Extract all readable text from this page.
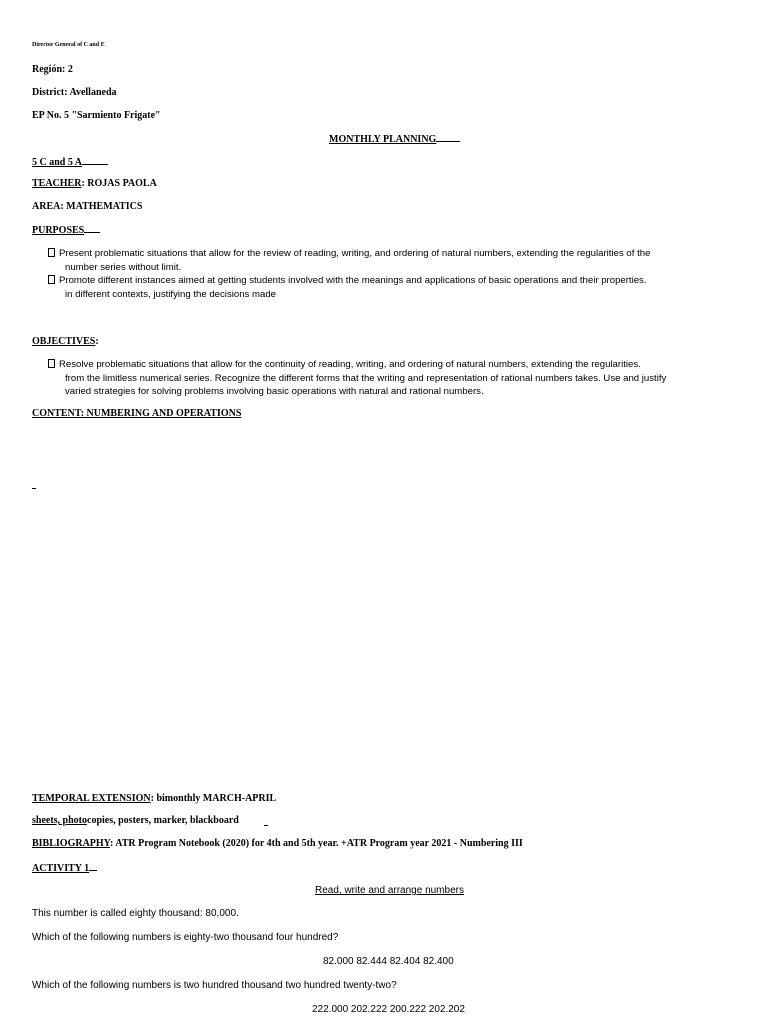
Director General of C and E
Región: 2
District: Avellaneda
EP No. 5 "Sarmiento Frigate"
MONTHLY PLANNING
5 C and 5 A
TEACHER: ROJAS PAOLA
AREA: MATHEMATICS
PURPOSES
Present problematic situations that allow for the review of reading, writing, and ordering of natural numbers, extending the regularities of the
number series without limit.
Promote different instances aimed at getting students involved with the meanings and applications of basic operations and their properties.
in different contexts, justifying the decisions made
OBJECTIVES:
Resolve problematic situations that allow for the continuity of reading, writing, and ordering of natural numbers, extending the regularities.
from the limitless numerical series. Recognize the different forms that the writing and representation of rational numbers takes. Use and justify
varied strategies for solving problems involving basic operations with natural and rational numbers.
CONTENT: NUMBERING AND OPERATIONS
TEMPORAL EXTENSION: bimonthly MARCH-APRIL
sheets, photocopies, posters, marker, blackboard
BIBLIOGRAPHY: ATR Program Notebook (2020) for 4th and 5th year. +ATR Program year 2021 - Numbering III
ACTIVITY 1
Read, write and arrange numbers
This number is called eighty thousand: 80,000.
Which of the following numbers is eighty-two thousand four hundred?
82.000 82.444 82.404 82.400
Which of the following numbers is two hundred thousand two hundred twenty-two?
222.000 202.222 200.222 202.202
